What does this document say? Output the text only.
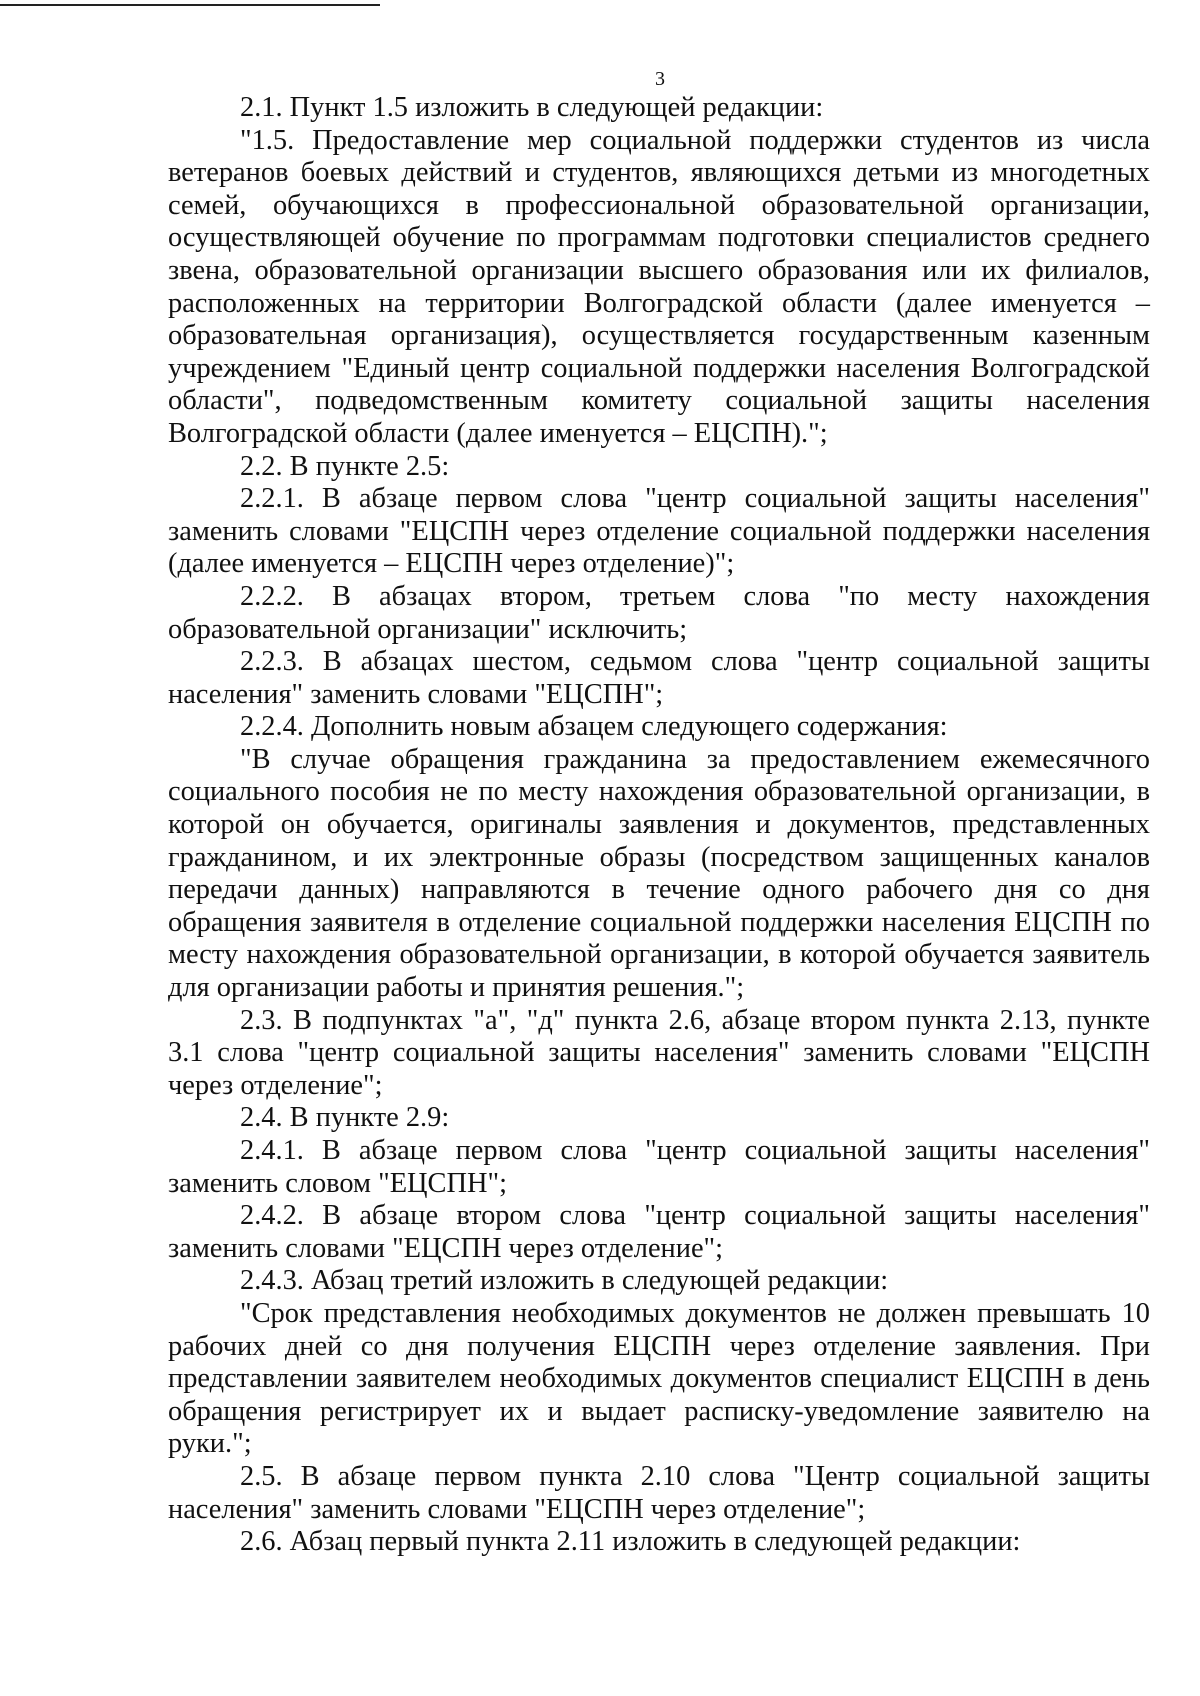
3

2.1. Пункт 1.5 изложить в следующей редакции:

"1.5. Предоставление мер социальной поддержки студентов из числа ветеранов боевых действий и студентов, являющихся детьми из многодетных семей, обучающихся в профессиональной образовательной организации, осуществляющей обучение по программам подготовки специалистов среднего звена, образовательной организации высшего образования или их филиалов, расположенных на территории Волгоградской области (далее именуется – образовательная организация), осуществляется государственным казенным учреждением "Единый центр социальной поддержки населения Волгоградской области", подведомственным комитету социальной защиты населения Волгоградской области (далее именуется – ЕЦСПН).";

2.2. В пункте 2.5:

2.2.1. В абзаце первом слова "центр социальной защиты населения" заменить словами "ЕЦСПН через отделение социальной поддержки населения (далее именуется – ЕЦСПН через отделение)";

2.2.2. В абзацах втором, третьем слова "по месту нахождения образовательной организации" исключить;

2.2.3. В абзацах шестом, седьмом слова "центр социальной защиты населения" заменить словами "ЕЦСПН";

2.2.4. Дополнить новым абзацем следующего содержания:

"В случае обращения гражданина за предоставлением ежемесячного социального пособия не по месту нахождения образовательной организации, в которой он обучается, оригиналы заявления и документов, представленных гражданином, и их электронные образы (посредством защищенных каналов передачи данных) направляются в течение одного рабочего дня со дня обращения заявителя в отделение социальной поддержки населения ЕЦСПН по месту нахождения образовательной организации, в которой обучается заявитель для организации работы и принятия решения.";

2.3. В подпунктах "а", "д" пункта 2.6, абзаце втором пункта 2.13, пункте 3.1 слова "центр социальной защиты населения" заменить словами "ЕЦСПН через отделение";

2.4. В пункте 2.9:

2.4.1. В абзаце первом слова "центр социальной защиты населения" заменить словом "ЕЦСПН";

2.4.2. В абзаце втором слова "центр социальной защиты населения" заменить словами "ЕЦСПН через отделение";

2.4.3. Абзац третий изложить в следующей редакции:

"Срок представления необходимых документов не должен превышать 10 рабочих дней со дня получения ЕЦСПН через отделение заявления. При представлении заявителем необходимых документов специалист ЕЦСПН в день обращения регистрирует их и выдает расписку-уведомление заявителю на руки.";

2.5. В абзаце первом пункта 2.10 слова "Центр социальной защиты населения" заменить словами "ЕЦСПН через отделение";

2.6. Абзац первый пункта 2.11 изложить в следующей редакции:
